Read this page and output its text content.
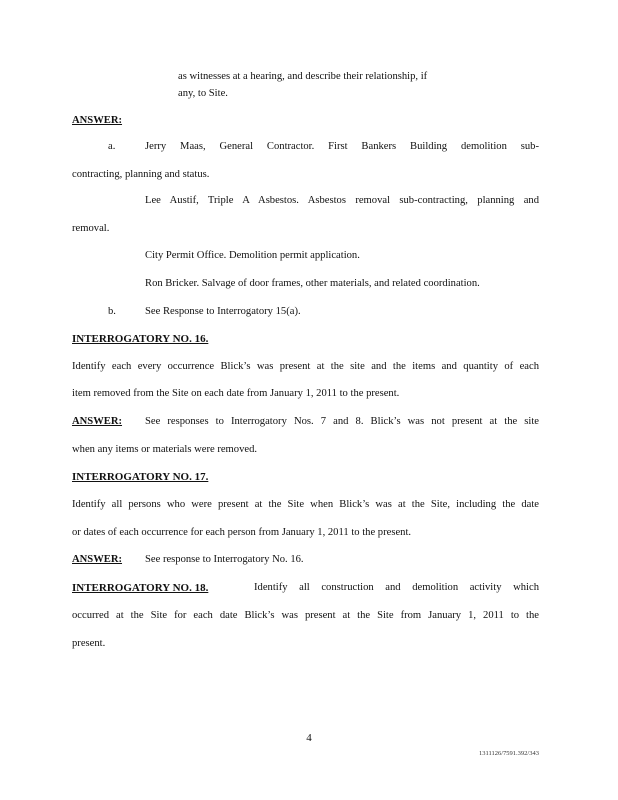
as witnesses at a hearing, and describe their relationship, if
any, to Site.
ANSWER:
a.	Jerry Maas, General Contractor. First Bankers Building demolition sub-
contracting, planning and status.
Lee Austif, Triple A Asbestos. Asbestos removal sub-contracting, planning and
removal.
City Permit Office. Demolition permit application.
Ron Bricker. Salvage of door frames, other materials, and related coordination.
b.	See Response to Interrogatory 15(a).
INTERROGATORY NO. 16.
Identify each every occurrence Blick’s was present at the site and the items and quantity of each
item removed from the Site on each date from January 1, 2011 to the present.
ANSWER: See responses to Interrogatory Nos. 7 and 8. Blick’s was not present at the site
when any items or materials were removed.
INTERROGATORY NO. 17.
Identify all persons who were present at the Site when Blick’s was at the Site, including the date
or dates of each occurrence for each person from January 1, 2011 to the present.
ANSWER: See response to Interrogatory No. 16.
INTERROGATORY NO. 18.	Identify all construction and demolition activity which
occurred at the Site for each date Blick’s was present at the Site from January 1, 2011 to the
present.
4
1311126/7591.392/343
